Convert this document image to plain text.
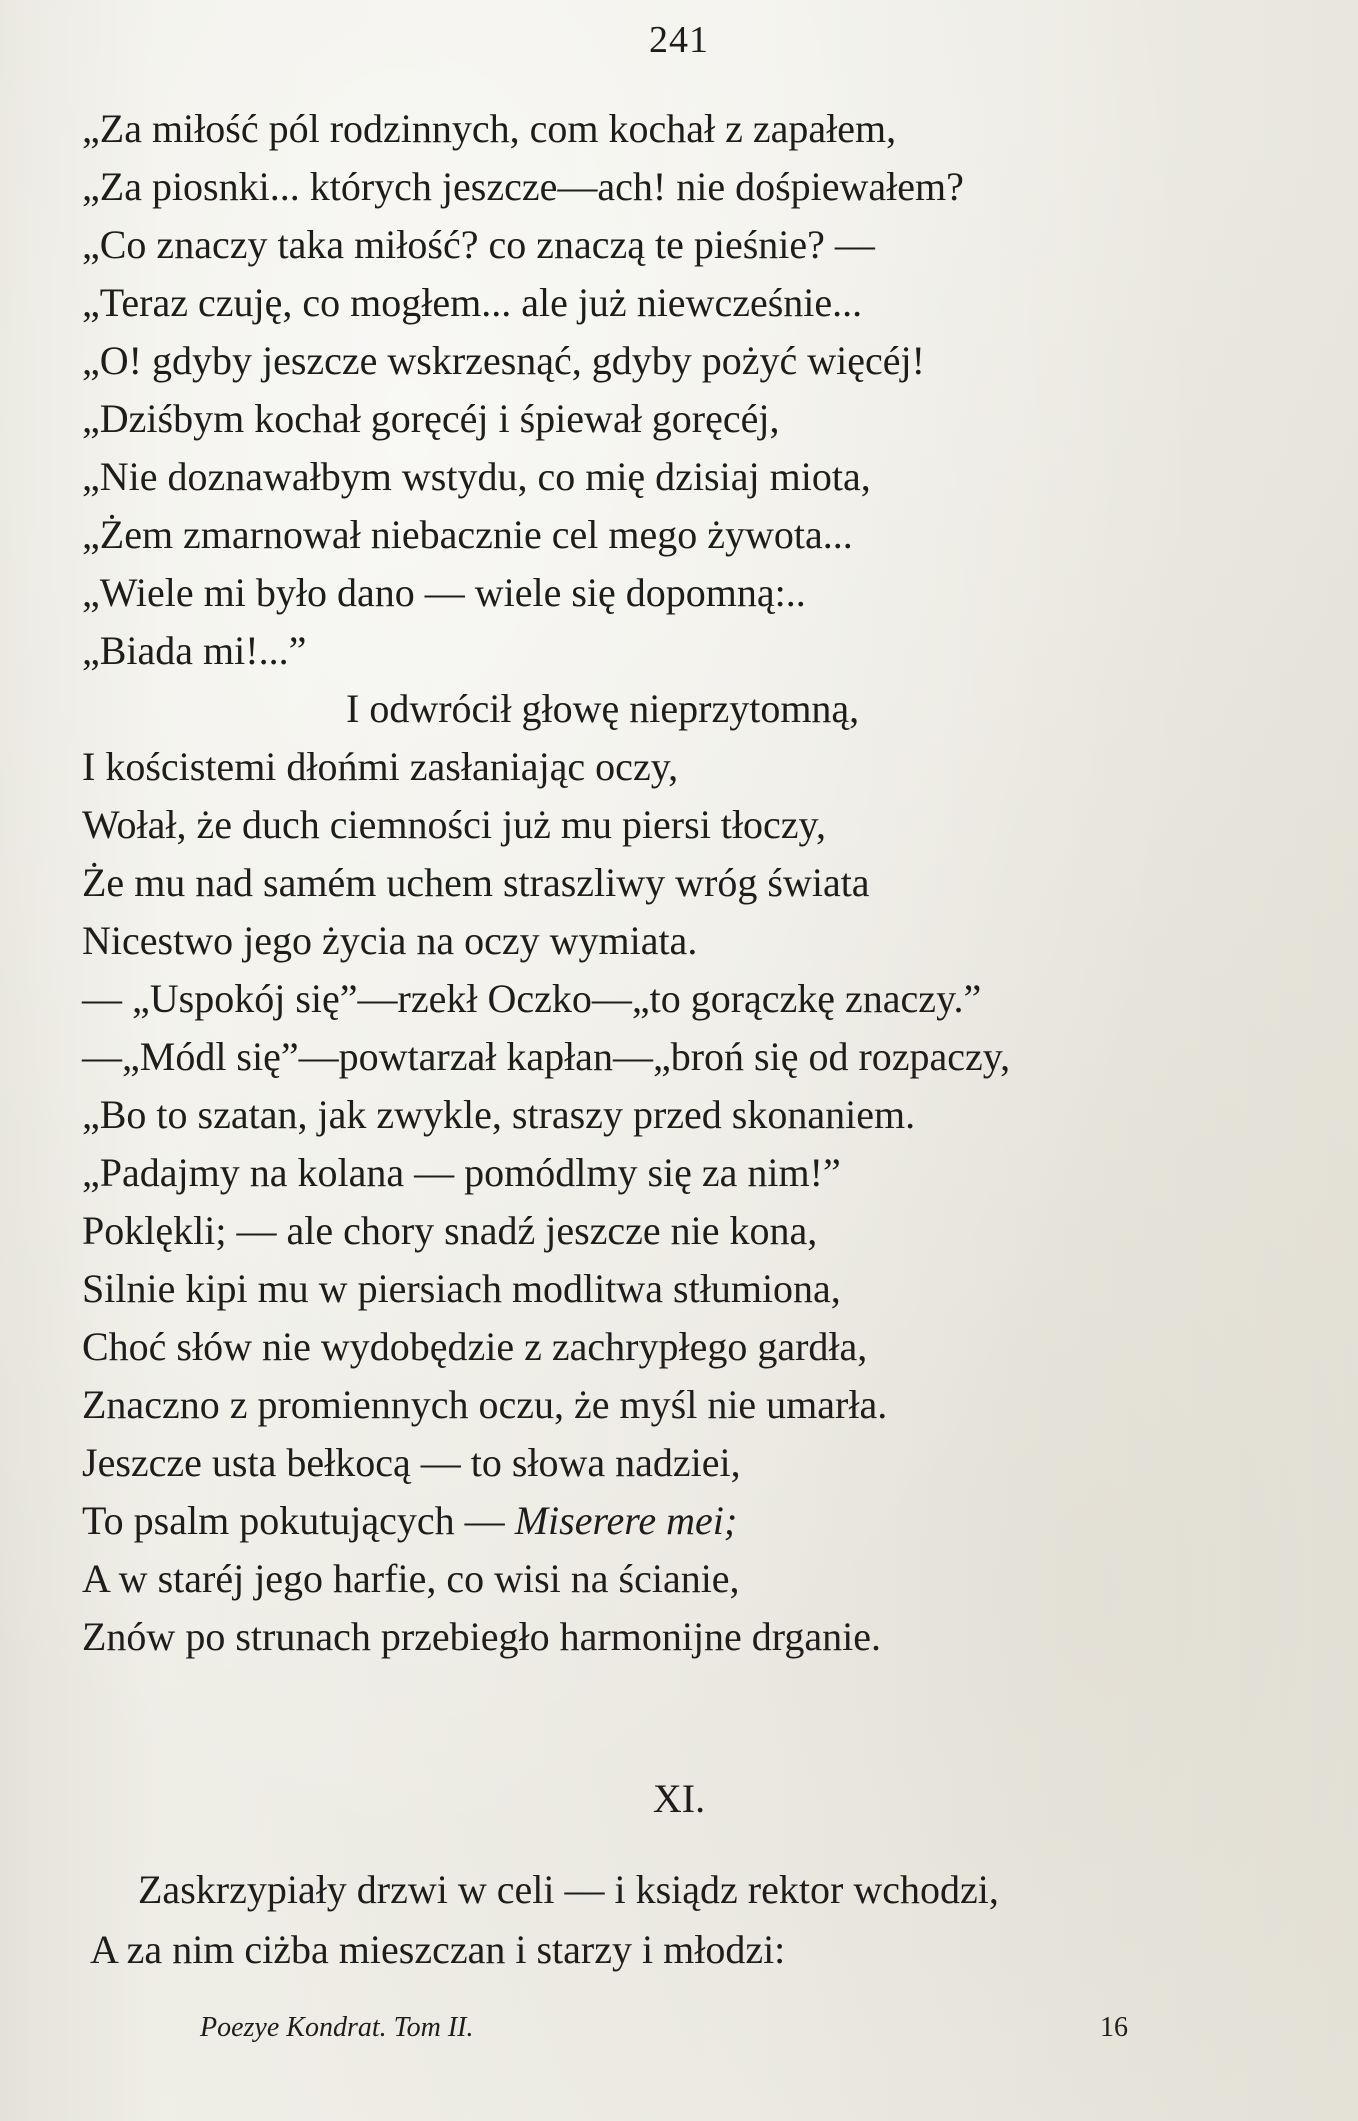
241
„Za miłość pól rodzinnych, com kochał z zapałem,
„Za piosnki... których jeszcze—ach! nie dośpiewałem?
„Co znaczy taka miłość? co znaczą te pieśnie? —
„Teraz czuję, co mogłem... ale już niewcześnie...
„O! gdyby jeszcze wskrzesnąć, gdyby pożyć więcéj!
„Dziśbym kochał goręcéj i śpiewał goręcéj,
„Nie doznawałbym wstydu, co mię dzisiaj miota,
„Żem zmarnował niebacznie cel mego żywota...
„Wiele mi było dano — wiele się dopomną:..
„Biada mi!...”
I odwrócił głowę nieprzytomną,
I kościstemi dłońmi zasłaniając oczy,
Wołał, że duch ciemności już mu piersi tłoczy,
Że mu nad samém uchem straszliwy wróg świata
Nicestwo jego życia na oczy wymiata.
— „Uspokój się”—rzekł Oczko—„to gorączkę znaczy.”
—„Módl się”—powtarzał kapłan—„broń się od rozpaczy,
„Bo to szatan, jak zwykle, straszy przed skonaniem.
„Padajmy na kolana — pomódlmy się za nim!”
Poklękli; — ale chory snadź jeszcze nie kona,
Silnie kipi mu w piersiach modlitwa stłumiona,
Choć słów nie wydobędzie z zachrypłego gardła,
Znaczno z promiennych oczu, że myśl nie umarła.
Jeszcze usta bełkocą — to słowa nadziei,
To psalm pokutujących — Miserere mei;
A w staréj jego harfie, co wisi na ścianie,
Znów po strunach przebiegło harmonijne drganie.
XI.
Zaskrzypiały drzwi w celi — i ksiądz rektor wchodzi,
A za nim ciżba mieszczan i starzy i młodzi:
Poezye Kondrat. Tom II.	16
